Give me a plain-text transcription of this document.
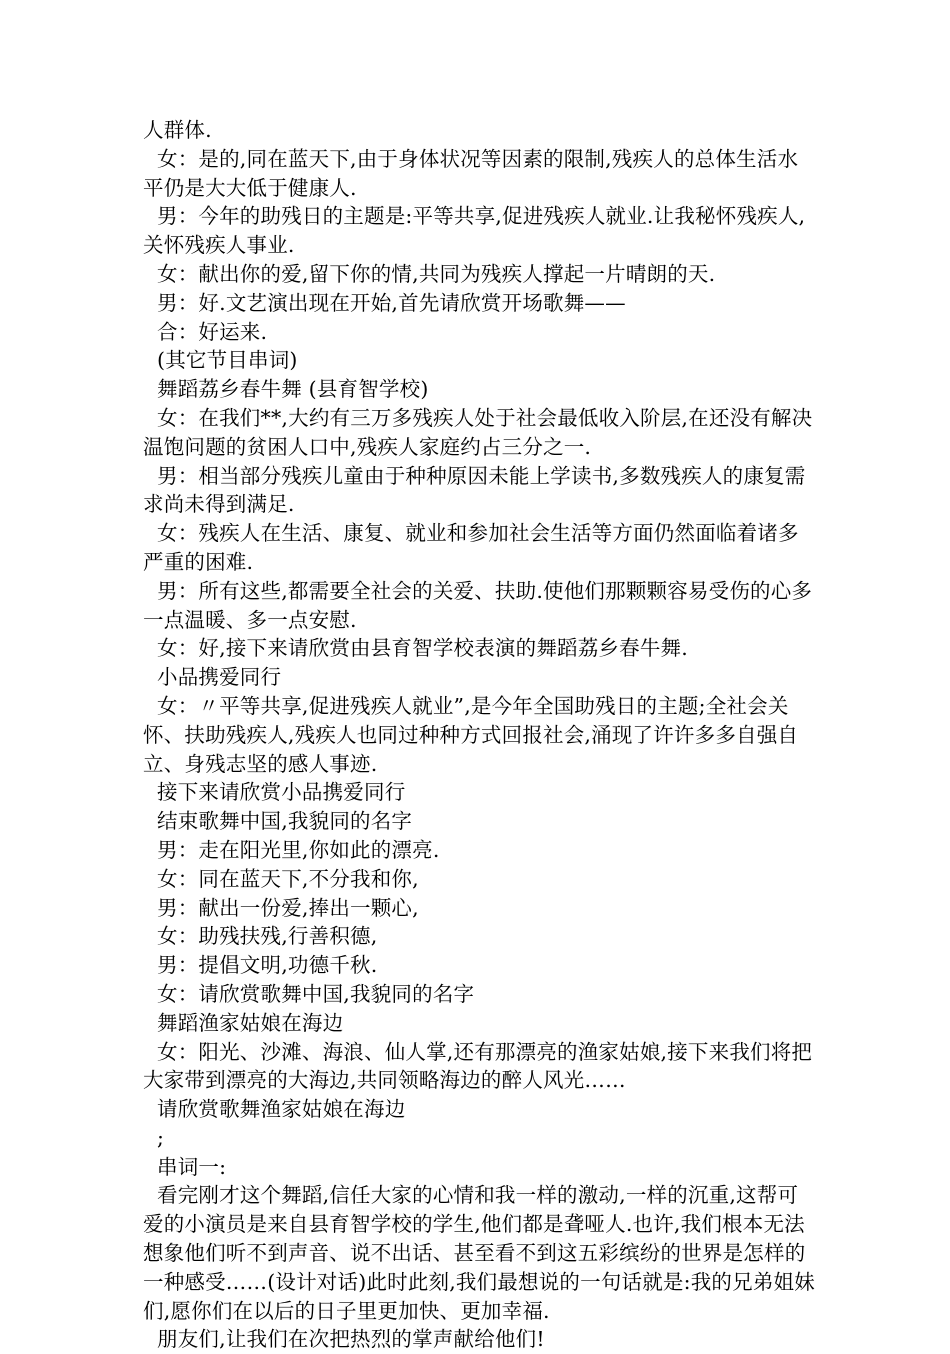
人群体.

女：是的,同在蓝天下,由于身体状况等因素的限制,残疾人的总体生活水平仍是大大低于健康人.

男：今年的助残日的主题是:平等共享,促进残疾人就业.让我秘怀残疾人,关怀残疾人事业.

女：献出你的爱,留下你的情,共同为残疾人撑起一片晴朗的天.

男：好.文艺演出现在开始,首先请欣赏开场歌舞——

合：好运来.

(其它节目串词)

舞蹈荔乡春牛舞 (县育智学校)

女：在我们**,大约有三万多残疾人处于社会最低收入阶层,在还没有解决温饱问题的贫困人口中,残疾人家庭约占三分之一.

男：相当部分残疾儿童由于种种原因未能上学读书,多数残疾人的康复需求尚未得到满足.

女：残疾人在生活、康复、就业和参加社会生活等方面仍然面临着诸多严重的困难.

男：所有这些,都需要全社会的关爱、扶助.使他们那颗颗容易受伤的心多一点温暖、多一点安慰.

女：好,接下来请欣赏由县育智学校表演的舞蹈荔乡春牛舞.

小品携爱同行

女：〃平等共享,促进残疾人就业”,是今年全国助残日的主题;全社会关怀、扶助残疾人,残疾人也同过种种方式回报社会,涌现了许许多多自强自立、身残志坚的感人事迹.

接下来请欣赏小品携爱同行

结束歌舞中国,我貌同的名字

男：走在阳光里,你如此的漂亮.

女：同在蓝天下,不分我和你,

男：献出一份爱,捧出一颗心,

女：助残扶残,行善积德,

男：提倡文明,功德千秋.

女：请欣赏歌舞中国,我貌同的名字

舞蹈渔家姑娘在海边

女：阳光、沙滩、海浪、仙人掌,还有那漂亮的渔家姑娘,接下来我们将把大家带到漂亮的大海边,共同领略海边的醉人风光……

请欣赏歌舞渔家姑娘在海边

;

串词一:

看完刚才这个舞蹈,信任大家的心情和我一样的激动,一样的沉重,这帮可爱的小演员是来自县育智学校的学生,他们都是聋哑人.也许,我们根本无法想象他们听不到声音、说不出话、甚至看不到这五彩缤纷的世界是怎样的一种感受……(设计对话)此时此刻,我们最想说的一句话就是:我的兄弟姐妹们,愿你们在以后的日子里更加快、更加幸福.

朋友们,让我们在次把热烈的掌声献给他们!
